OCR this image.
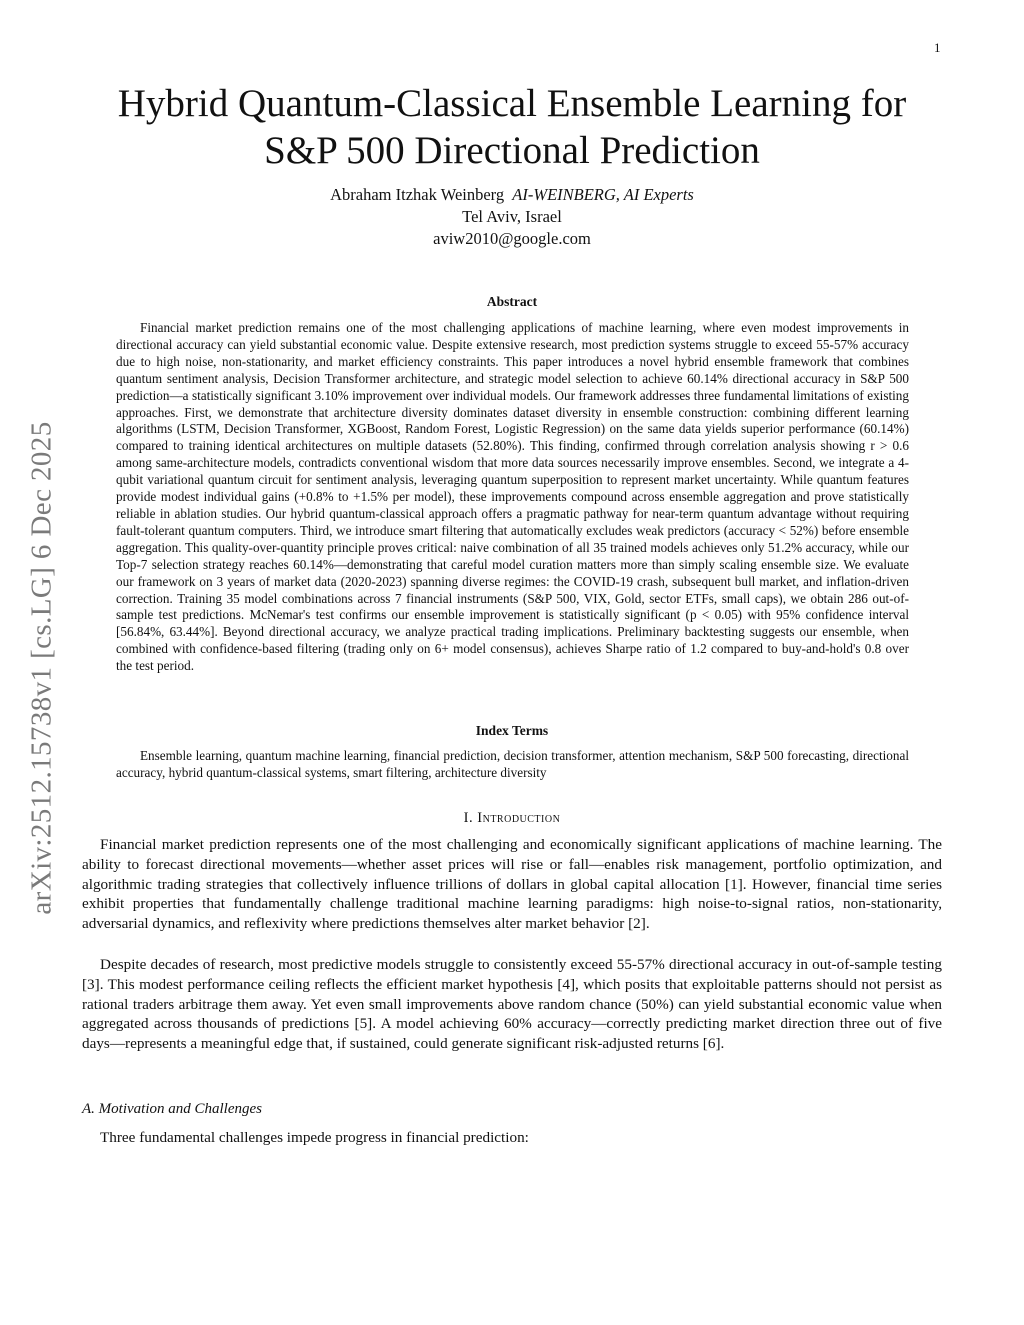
1
arXiv:2512.15738v1 [cs.LG] 6 Dec 2025
Hybrid Quantum-Classical Ensemble Learning for
S&P 500 Directional Prediction
Abraham Itzhak Weinberg AI-WEINBERG, AI Experts
Tel Aviv, Israel
aviw2010@google.com
Abstract

Financial market prediction remains one of the most challenging applications of machine learning, where even modest improvements in directional accuracy can yield substantial economic value. Despite extensive research, most prediction systems struggle to exceed 55-57% accuracy due to high noise, non-stationarity, and market efficiency constraints. This paper introduces a novel hybrid ensemble framework that combines quantum sentiment analysis, Decision Transformer architecture, and strategic model selection to achieve 60.14% directional accuracy in S&P 500 prediction—a statistically significant 3.10% improvement over individual models. Our framework addresses three fundamental limitations of existing approaches. First, we demonstrate that architecture diversity dominates dataset diversity in ensemble construction: combining different learning algorithms (LSTM, Decision Transformer, XGBoost, Random Forest, Logistic Regression) on the same data yields superior performance (60.14%) compared to training identical architectures on multiple datasets (52.80%). This finding, confirmed through correlation analysis showing r > 0.6 among same-architecture models, contradicts conventional wisdom that more data sources necessarily improve ensembles. Second, we integrate a 4-qubit variational quantum circuit for sentiment analysis, leveraging quantum superposition to represent market uncertainty. While quantum features provide modest individual gains (+0.8% to +1.5% per model), these improvements compound across ensemble aggregation and prove statistically reliable in ablation studies. Our hybrid quantum-classical approach offers a pragmatic pathway for near-term quantum advantage without requiring fault-tolerant quantum computers. Third, we introduce smart filtering that automatically excludes weak predictors (accuracy < 52%) before ensemble aggregation. This quality-over-quantity principle proves critical: naive combination of all 35 trained models achieves only 51.2% accuracy, while our Top-7 selection strategy reaches 60.14%—demonstrating that careful model curation matters more than simply scaling ensemble size. We evaluate our framework on 3 years of market data (2020-2023) spanning diverse regimes: the COVID-19 crash, subsequent bull market, and inflation-driven correction. Training 35 model combinations across 7 financial instruments (S&P 500, VIX, Gold, sector ETFs, small caps), we obtain 286 out-of-sample test predictions. McNemar's test confirms our ensemble improvement is statistically significant (p < 0.05) with 95% confidence interval [56.84%, 63.44%]. Beyond directional accuracy, we analyze practical trading implications. Preliminary backtesting suggests our ensemble, when combined with confidence-based filtering (trading only on 6+ model consensus), achieves Sharpe ratio of 1.2 compared to buy-and-hold's 0.8 over the test period.

Index Terms

Ensemble learning, quantum machine learning, financial prediction, decision transformer, attention mechanism, S&P 500 forecasting, directional accuracy, hybrid quantum-classical systems, smart filtering, architecture diversity

I. Introduction

Financial market prediction represents one of the most challenging and economically significant applications of machine learning. The ability to forecast directional movements—whether asset prices will rise or fall—enables risk management, portfolio optimization, and algorithmic trading strategies that collectively influence trillions of dollars in global capital allocation [1]. However, financial time series exhibit properties that fundamentally challenge traditional machine learning paradigms: high noise-to-signal ratios, non-stationarity, adversarial dynamics, and reflexivity where predictions themselves alter market behavior [2].

Despite decades of research, most predictive models struggle to consistently exceed 55-57% directional accuracy in out-of-sample testing [3]. This modest performance ceiling reflects the efficient market hypothesis [4], which posits that exploitable patterns should not persist as rational traders arbitrage them away. Yet even small improvements above random chance (50%) can yield substantial economic value when aggregated across thousands of predictions [5]. A model achieving 60% accuracy—correctly predicting market direction three out of five days—represents a meaningful edge that, if sustained, could generate significant risk-adjusted returns [6].

A. Motivation and Challenges

Three fundamental challenges impede progress in financial prediction:
